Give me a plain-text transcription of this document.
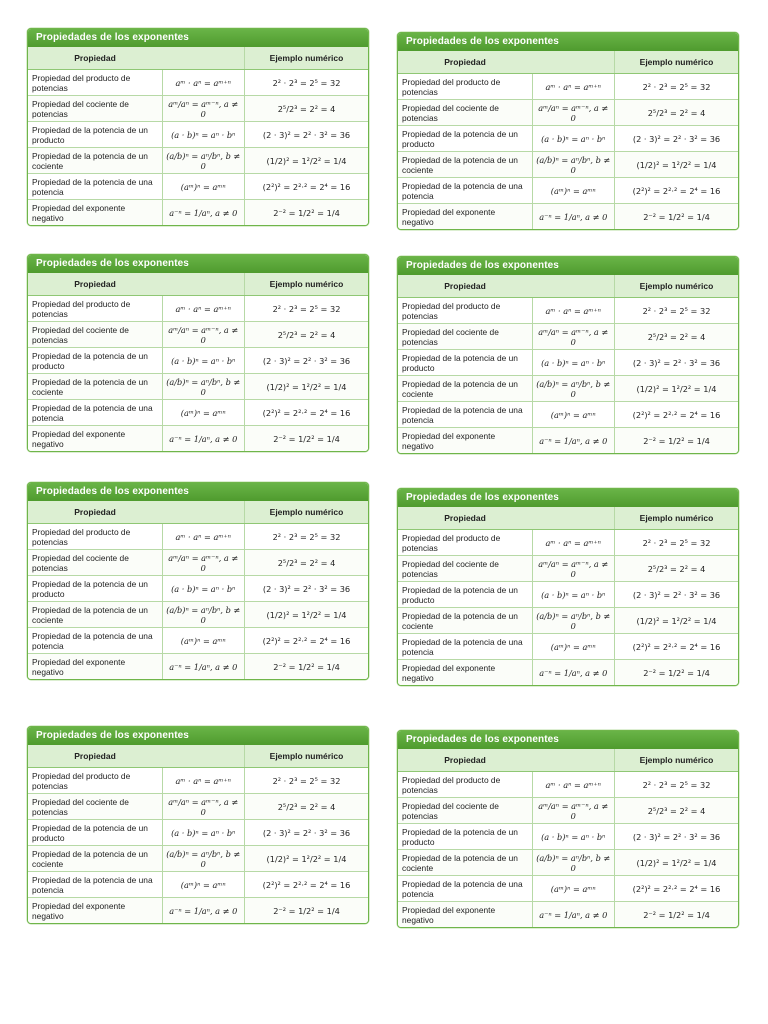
Propiedades de los exponentes
Propiedad		Ejemplo numérico
Propiedad del producto de potencias	aᵐ · aⁿ = aᵐ⁺ⁿ	2² · 2³ = 2⁵ = 32
Propiedad del cociente de potencias	aᵐ/aⁿ = aᵐ⁻ⁿ, a ≠ 0	2⁵/2³ = 2² = 4
Propiedad de la potencia de un producto	(a · b)ⁿ = aⁿ · bⁿ	(2 · 3)² = 2² · 3² = 36
Propiedad de la potencia de un cociente	(a/b)ⁿ = aⁿ/bⁿ, b ≠ 0	(1/2)² = 1²/2² = 1/4
Propiedad de la potencia de una potencia	(aᵐ)ⁿ = aᵐⁿ	(2²)² = 2²·² = 2⁴ = 16
Propiedad del exponente negativo	a⁻ⁿ = 1/aⁿ, a ≠ 0	2⁻² = 1/2² = 1/4
Propiedades de los exponentes
Propiedad		Ejemplo numérico
Propiedad del producto de potencias	aᵐ · aⁿ = aᵐ⁺ⁿ	2² · 2³ = 2⁵ = 32
Propiedad del cociente de potencias	aᵐ/aⁿ = aᵐ⁻ⁿ, a ≠ 0	2⁵/2³ = 2² = 4
Propiedad de la potencia de un producto	(a · b)ⁿ = aⁿ · bⁿ	(2 · 3)² = 2² · 3² = 36
Propiedad de la potencia de un cociente	(a/b)ⁿ = aⁿ/bⁿ, b ≠ 0	(1/2)² = 1²/2² = 1/4
Propiedad de la potencia de una potencia	(aᵐ)ⁿ = aᵐⁿ	(2²)² = 2²·² = 2⁴ = 16
Propiedad del exponente negativo	a⁻ⁿ = 1/aⁿ, a ≠ 0	2⁻² = 1/2² = 1/4
Propiedades de los exponentes
Propiedad		Ejemplo numérico
Propiedad del producto de potencias	aᵐ · aⁿ = aᵐ⁺ⁿ	2² · 2³ = 2⁵ = 32
Propiedad del cociente de potencias	aᵐ/aⁿ = aᵐ⁻ⁿ, a ≠ 0	2⁵/2³ = 2² = 4
Propiedad de la potencia de un producto	(a · b)ⁿ = aⁿ · bⁿ	(2 · 3)² = 2² · 3² = 36
Propiedad de la potencia de un cociente	(a/b)ⁿ = aⁿ/bⁿ, b ≠ 0	(1/2)² = 1²/2² = 1/4
Propiedad de la potencia de una potencia	(aᵐ)ⁿ = aᵐⁿ	(2²)² = 2²·² = 2⁴ = 16
Propiedad del exponente negativo	a⁻ⁿ = 1/aⁿ, a ≠ 0	2⁻² = 1/2² = 1/4
Propiedades de los exponentes
Propiedad		Ejemplo numérico
Propiedad del producto de potencias	aᵐ · aⁿ = aᵐ⁺ⁿ	2² · 2³ = 2⁵ = 32
Propiedad del cociente de potencias	aᵐ/aⁿ = aᵐ⁻ⁿ, a ≠ 0	2⁵/2³ = 2² = 4
Propiedad de la potencia de un producto	(a · b)ⁿ = aⁿ · bⁿ	(2 · 3)² = 2² · 3² = 36
Propiedad de la potencia de un cociente	(a/b)ⁿ = aⁿ/bⁿ, b ≠ 0	(1/2)² = 1²/2² = 1/4
Propiedad de la potencia de una potencia	(aᵐ)ⁿ = aᵐⁿ	(2²)² = 2²·² = 2⁴ = 16
Propiedad del exponente negativo	a⁻ⁿ = 1/aⁿ, a ≠ 0	2⁻² = 1/2² = 1/4
Propiedades de los exponentes
Propiedad		Ejemplo numérico
Propiedad del producto de potencias	aᵐ · aⁿ = aᵐ⁺ⁿ	2² · 2³ = 2⁵ = 32
Propiedad del cociente de potencias	aᵐ/aⁿ = aᵐ⁻ⁿ, a ≠ 0	2⁵/2³ = 2² = 4
Propiedad de la potencia de un producto	(a · b)ⁿ = aⁿ · bⁿ	(2 · 3)² = 2² · 3² = 36
Propiedad de la potencia de un cociente	(a/b)ⁿ = aⁿ/bⁿ, b ≠ 0	(1/2)² = 1²/2² = 1/4
Propiedad de la potencia de una potencia	(aᵐ)ⁿ = aᵐⁿ	(2²)² = 2²·² = 2⁴ = 16
Propiedad del exponente negativo	a⁻ⁿ = 1/aⁿ, a ≠ 0	2⁻² = 1/2² = 1/4
Propiedades de los exponentes
Propiedad		Ejemplo numérico
Propiedad del producto de potencias	aᵐ · aⁿ = aᵐ⁺ⁿ	2² · 2³ = 2⁵ = 32
Propiedad del cociente de potencias	aᵐ/aⁿ = aᵐ⁻ⁿ, a ≠ 0	2⁵/2³ = 2² = 4
Propiedad de la potencia de un producto	(a · b)ⁿ = aⁿ · bⁿ	(2 · 3)² = 2² · 3² = 36
Propiedad de la potencia de un cociente	(a/b)ⁿ = aⁿ/bⁿ, b ≠ 0	(1/2)² = 1²/2² = 1/4
Propiedad de la potencia de una potencia	(aᵐ)ⁿ = aᵐⁿ	(2²)² = 2²·² = 2⁴ = 16
Propiedad del exponente negativo	a⁻ⁿ = 1/aⁿ, a ≠ 0	2⁻² = 1/2² = 1/4
Propiedades de los exponentes
Propiedad		Ejemplo numérico
Propiedad del producto de potencias	aᵐ · aⁿ = aᵐ⁺ⁿ	2² · 2³ = 2⁵ = 32
Propiedad del cociente de potencias	aᵐ/aⁿ = aᵐ⁻ⁿ, a ≠ 0	2⁵/2³ = 2² = 4
Propiedad de la potencia de un producto	(a · b)ⁿ = aⁿ · bⁿ	(2 · 3)² = 2² · 3² = 36
Propiedad de la potencia de un cociente	(a/b)ⁿ = aⁿ/bⁿ, b ≠ 0	(1/2)² = 1²/2² = 1/4
Propiedad de la potencia de una potencia	(aᵐ)ⁿ = aᵐⁿ	(2²)² = 2²·² = 2⁴ = 16
Propiedad del exponente negativo	a⁻ⁿ = 1/aⁿ, a ≠ 0	2⁻² = 1/2² = 1/4
Propiedades de los exponentes
Propiedad		Ejemplo numérico
Propiedad del producto de potencias	aᵐ · aⁿ = aᵐ⁺ⁿ	2² · 2³ = 2⁵ = 32
Propiedad del cociente de potencias	aᵐ/aⁿ = aᵐ⁻ⁿ, a ≠ 0	2⁵/2³ = 2² = 4
Propiedad de la potencia de un producto	(a · b)ⁿ = aⁿ · bⁿ	(2 · 3)² = 2² · 3² = 36
Propiedad de la potencia de un cociente	(a/b)ⁿ = aⁿ/bⁿ, b ≠ 0	(1/2)² = 1²/2² = 1/4
Propiedad de la potencia de una potencia	(aᵐ)ⁿ = aᵐⁿ	(2²)² = 2²·² = 2⁴ = 16
Propiedad del exponente negativo	a⁻ⁿ = 1/aⁿ, a ≠ 0	2⁻² = 1/2² = 1/4
